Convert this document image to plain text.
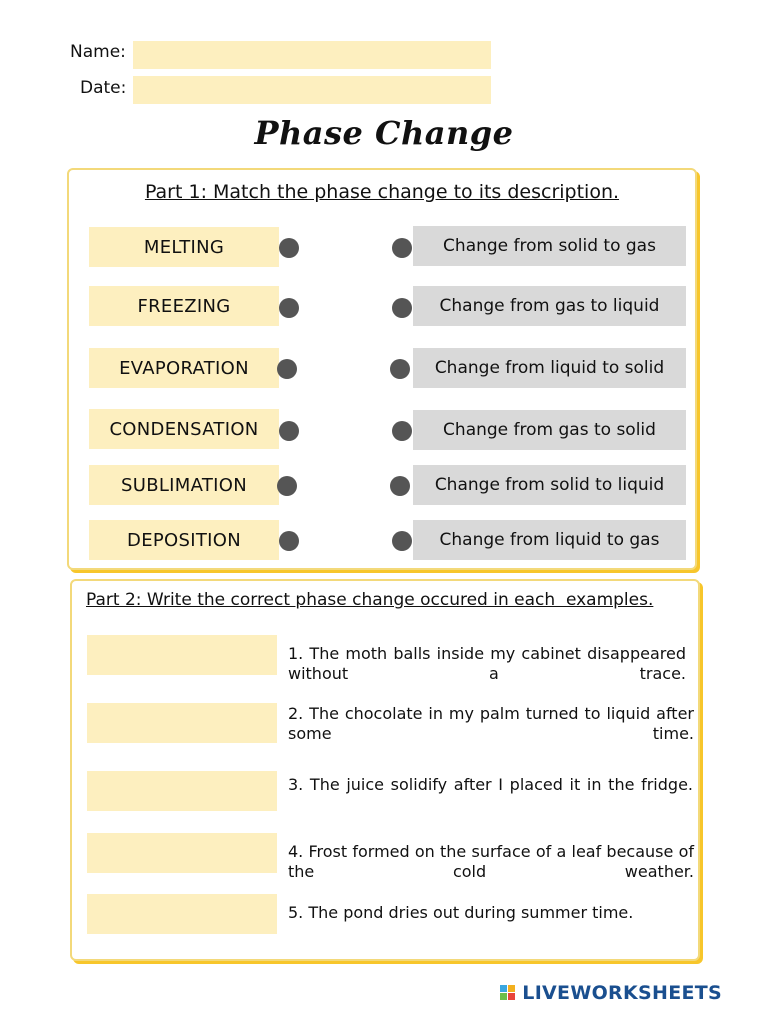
Name:
Date:
Phase Change
Part 1: Match the phase change to its description.
MELTING
FREEZING
EVAPORATION
CONDENSATION
SUBLIMATION
DEPOSITION
Change from solid to gas
Change from gas to liquid
Change from liquid to solid
Change from gas to solid
Change from solid to liquid
Change from liquid to gas
Part 2: Write the correct phase change occured in each  examples.
1. The moth balls inside my cabinet disappeared without a trace.
2. The chocolate in my palm turned to liquid after some time.
3. The juice solidify after I placed it in the fridge.
4. Frost formed on the surface of a leaf because of the cold weather.
5. The pond dries out during summer time.
LIVEWORKSHEETS
